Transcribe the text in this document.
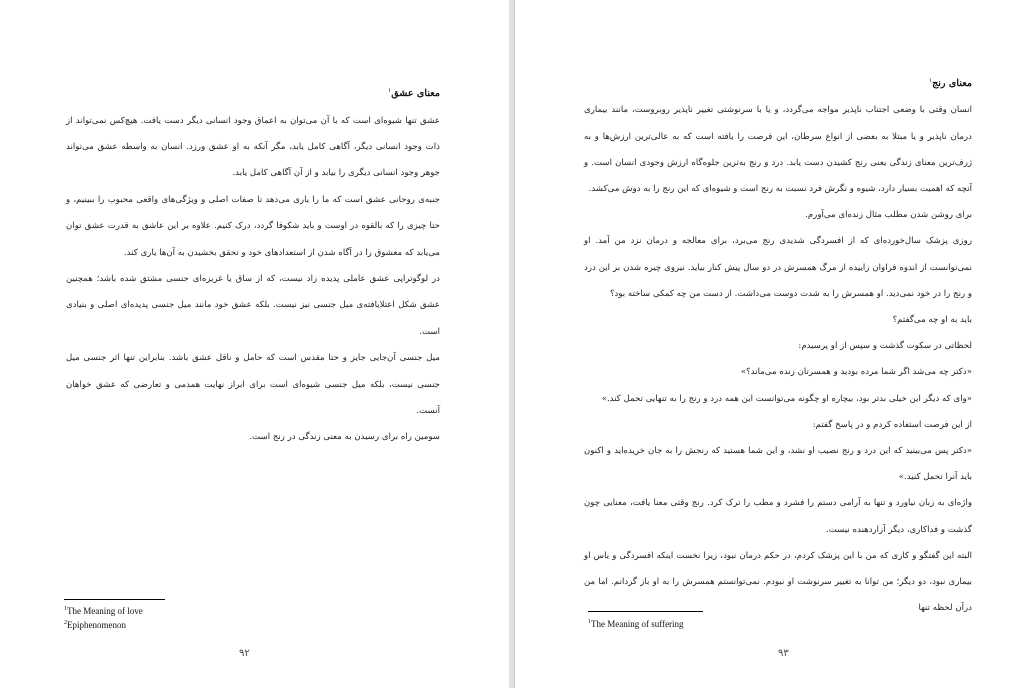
معنای عشق$^۱$

عشق تنها شیوه‌ای است که با آن می‌توان به اعماق وجود انسانی دیگر دست یافت. هیچ‌کس نمی‌تواند از ذات وجود انسانی دیگر، آگاهی کامل یابد، مگر آنکه به او عشق ورزد. انسان به واسطه عشق می‌تواند جوهر وجود انسانی دیگری را بیابد و از آن آگاهی کامل یابد.

جنبه‌ی روحانی عشق است که ما را یاری می‌دهد تا صفات اصلی و ویژگی‌های واقعی محبوب را ببینیم، و حتا چیزی را که بالقوه در اوست و باید شکوفا گردد، درک کنیم. علاوه بر این عاشق به قدرت عشق توان می‌یابد که معشوق را در آگاه شدن از استعدادهای خود و تحقق بخشیدن به آن‌ها یاری کند.

در لوگوتراپی عشق عاملی پدیده زاد نیست، که از ساق یا غریزه‌ای جنسی مشتق شده باشد؛ همچنین عشق شکل اعتلایافته‌ی میل جنسی نیز نیست. بلکه عشق خود مانند میل جنسی پدیده‌ای اصلی و بنیادی است.

میل جنسی آن‌جایی جایز و حتا مقدس است که حامل و ناقل عشق باشد. بنابراین تنها اثر جنسی میل جنسی نیست، بلکه میل جنسی شیوه‌ای است برای ابراز نهایت همدمی و تعارضی که عشق خواهان آنست.

سومین راه برای رسیدن به معنی زندگی در رنج است.

$^1$The Meaning of love
$^2$Epiphenomenon
۹۲

معنای رنج$^۱$

انسان وقتی با وضعی اجتناب ناپذیر مواجه می‌گردد، و یا با سرنوشتی تغییر ناپذیر روبروست، مانند بیماری درمان ناپذیر و یا مبتلا به بعضی از انواع سرطان، این فرصت را یافته است که به عالی‌ترین ارزش‌ها و به ژرف‌ترین معنای زندگی یعنی رنج کشیدن دست یابد. درد و رنج به‌ترین جلوه‌گاه ارزش وجودی انسان است. و آنچه که اهمیت بسیار دارد، شیوه و نگرش فرد نسبت به رنج است و شیوه‌ای که این رنج را به دوش می‌کشد.

برای روشن شدن مطلب مثال زنده‌ای می‌آورم.

روزی پزشک سال‌خورده‌ای که از افسردگی شدیدی رنج می‌برد، برای معالجه و درمان نزد من آمد. او نمی‌توانست از اندوه فراوان زاییده از مرگ همسرش در دو سال پیش کنار بیاید. نیروی چیره شدن بر این درد و رنج را در خود نمی‌دید. او همسرش را به شدت دوست می‌داشت. از دست من چه کمکی ساخته بود؟

باید به او چه می‌گفتم؟

لحظاتی در سکوت گذشت و سپس از او پرسیدم:

«دکتر چه می‌شد اگر شما مرده بودید و همسرتان زنده می‌ماند؟»

«وای که دیگر این خیلی بدتر بود، بیچاره او چگونه می‌توانست این همه درد و رنج را به تنهایی تحمل کند.»

از این فرصت استفاده کردم و در پاسخ گفتم:

«دکتر پس می‌بینید که این درد و رنج نصیب او نشد، و این شما هستید که رنجش را به جان خریده‌اید و اکنون باید آنرا تحمل کنید.»

واژه‌ای به زبان نیاورد و تنها به آرامی دستم را فشرد و مطب را ترک کرد. رنج وقتی معنا یافت، معنایی چون گذشت و فداکاری، دیگر آزاردهنده نیست.

البته این گفتگو و کاری که من با این پزشک کردم، در حکم درمان نبود، زیرا نخست اینکه افسردگی و یاس او بیماری نبود، دو دیگر؛ من توانا به تغییر سرنوشت او نبودم. نمی‌توانستم همسرش را به او باز گردانم. اما من درآن لحظه تنها

$^1$The Meaning of suffering
۹۳
